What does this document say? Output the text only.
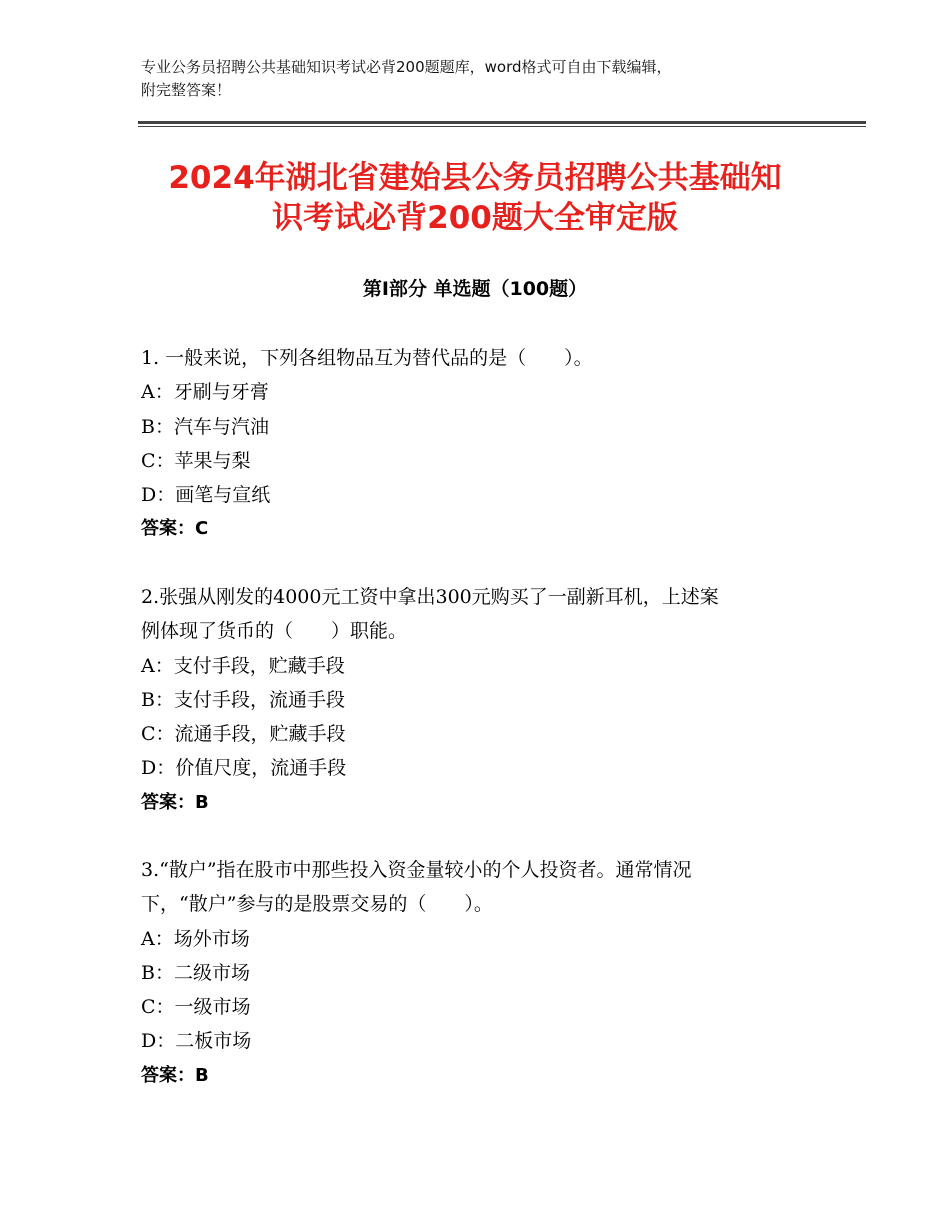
专业公务员招聘公共基础知识考试必背200题题库，word格式可自由下载编辑，
附完整答案！
2024年湖北省建始县公务员招聘公共基础知
识考试必背200题大全审定版
第Ⅰ部分 单选题（100题）
1. 一般来说，下列各组物品互为替代品的是（　　）。
A：牙刷与牙膏
B：汽车与汽油
C：苹果与梨
D：画笔与宣纸
答案：C
2.张强从刚发的4000元工资中拿出300元购买了一副新耳机，上述案
例体现了货币的（　　）职能。
A：支付手段，贮藏手段
B：支付手段，流通手段
C：流通手段，贮藏手段
D：价值尺度，流通手段
答案：B
3.“散户”指在股市中那些投入资金量较小的个人投资者。通常情况
下，“散户”参与的是股票交易的（　　）。
A：场外市场
B：二级市场
C：一级市场
D：二板市场
答案：B
